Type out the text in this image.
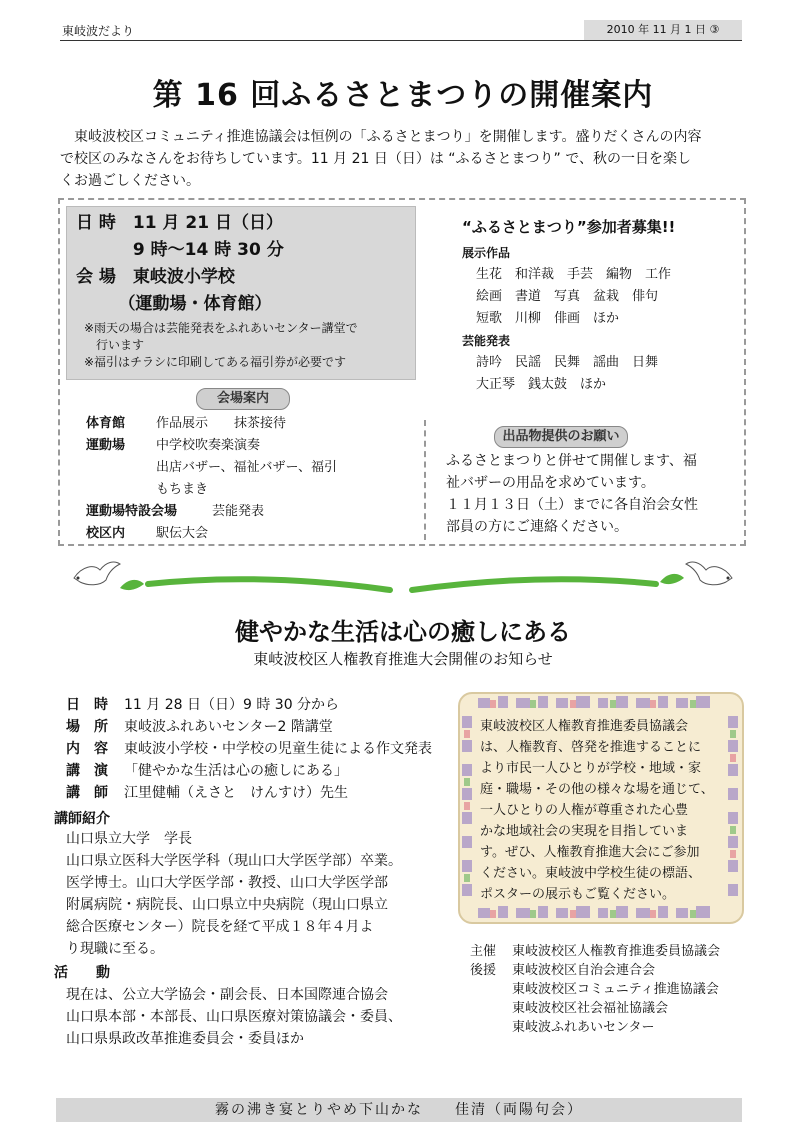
東岐波だより	2010 年 11 月 1 日 ③
第 16 回ふるさとまつりの開催案内

　東岐波校区コミュニティ推進協議会は恒例の「ふるさとまつり」を開催します。盛りだくさんの内容

で校区のみなさんをお待ちしています。11 月 21 日（日）は “ふるさとまつり” で、秋の一日を楽し

くお過ごしください。

日 時　11 月 21 日（日）
　　　 9 時〜14 時 30 分
会 場　東岐波小学校
　　　（運動場・体育館）
※雨天の場合は芸能発表をふれあいセンター講堂で
　行います
※福引はチラシに印刷してある福引券が必要です
会場案内
体育館 作品展示　　抹茶接待
運動場 中学校吹奏楽演奏
出店バザー、福祉バザー、福引
もちまき
運動場特設会場	芸能発表
校区内 駅伝大会
“ふるさとまつり”参加者募集!!
展示作品
生花　和洋裁　手芸　編物　工作
絵画　書道　写真　盆栽　俳句
短歌　川柳　俳画　ほか
芸能発表
詩吟　民謡　民舞　謡曲　日舞
大正琴　銭太鼓　ほか
出品物提供のお願い
ふるさとまつりと併せて開催します、福
祉バザーの用品を求めています。
１１月１３日（土）までに各自治会女性
部員の方にご連絡ください。
健やかな生活は心の癒しにある
東岐波校区人権教育推進大会開催のお知らせ
日　時 11 月 28 日（日）9 時 30 分から
場　所 東岐波ふれあいセンター2 階講堂
内　容 東岐波小学校・中学校の児童生徒による作文発表
講　演 「健やかな生活は心の癒しにある」
講　師 江里健輔（えさと　けんすけ）先生
講師紹介
山口県立大学　学長
山口県立医科大学医学科（現山口大学医学部）卒業。
医学博士。山口大学医学部・教授、山口大学医学部
附属病院・病院長、山口県立中央病院（現山口県立
総合医療センター）院長を経て平成１８年４月よ
り現職に至る。
活　　動
現在は、公立大学協会・副会長、日本国際連合協会
山口県本部・本部長、山口県医療対策協議会・委員、
山口県県政改革推進委員会・委員ほか
東岐波校区人権教育推進委員協議会
は、人権教育、啓発を推進することに
より市民一人ひとりが学校・地域・家
庭・職場・その他の様々な場を通じて、
一人ひとりの人権が尊重された心豊
かな地域社会の実現を目指していま
す。ぜひ、人権教育推進大会にご参加
ください。東岐波中学校生徒の標語、
ポスターの展示もご覧ください。
主催 東岐波校区人権教育推進委員協議会
後援 東岐波校区自治会連合会
東岐波校区コミュニティ推進協議会
東岐波校区社会福祉協議会
東岐波ふれあいセンター
霧の沸き宴とりやめ下山かな　　佳清（両陽句会）
